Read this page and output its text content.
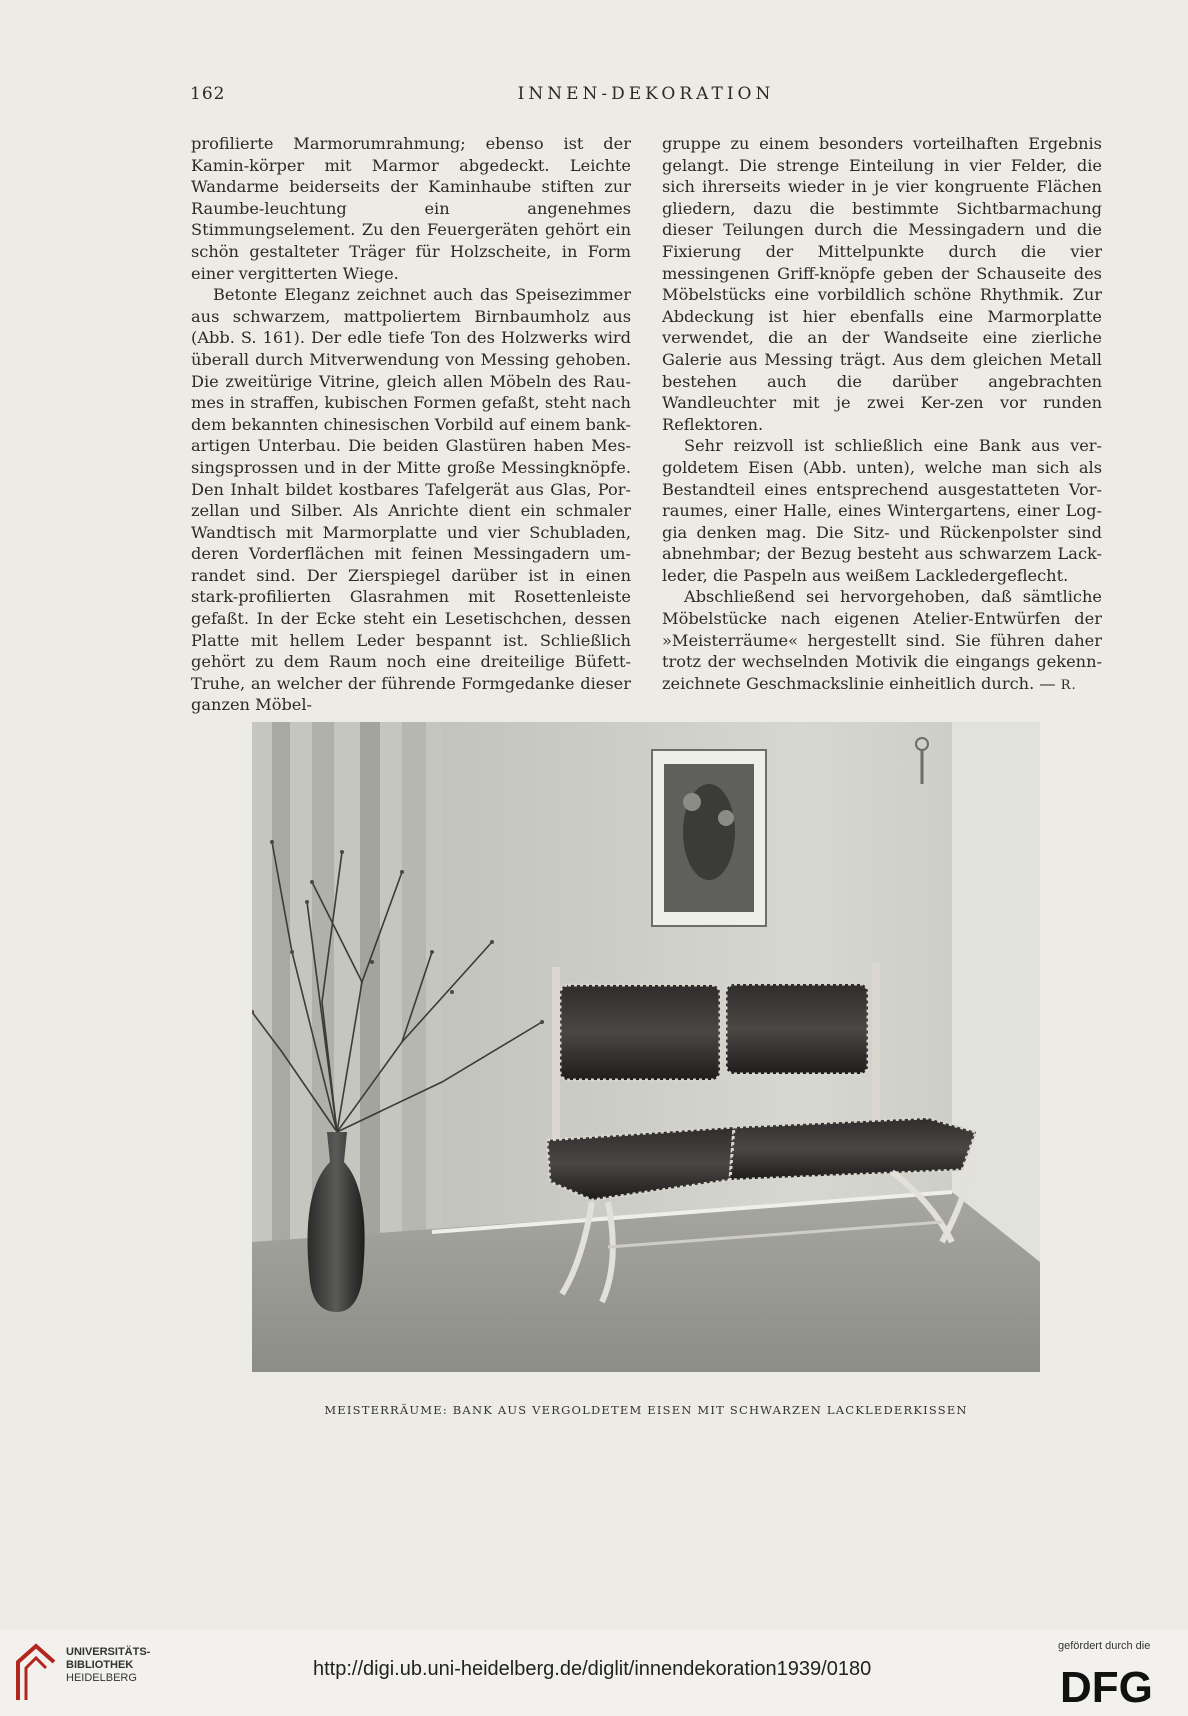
162	INNEN-DEKORATION

profilierte Marmorumrahmung; ebenso ist der Kamin-körper mit Marmor abgedeckt. Leichte Wandarme beiderseits der Kaminhaube stiften zur Raumbe-leuchtung ein angenehmes Stimmungselement. Zu den Feuergeräten gehört ein schön gestalteter Träger für Holzscheite, in Form einer vergitterten Wiege.

Betonte Eleganz zeichnet auch das Speisezimmer aus schwarzem, mattpoliertem Birnbaumholz aus (Abb. S. 161). Der edle tiefe Ton des Holzwerks wird überall durch Mitverwendung von Messing gehoben. Die zweitürige Vitrine, gleich allen Möbeln des Rau-mes in straffen, kubischen Formen gefaßt, steht nach dem bekannten chinesischen Vorbild auf einem bank-artigen Unterbau. Die beiden Glastüren haben Mes-singsprossen und in der Mitte große Messingknöpfe. Den Inhalt bildet kostbares Tafelgerät aus Glas, Por-zellan und Silber. Als Anrichte dient ein schmaler Wandtisch mit Marmorplatte und vier Schubladen, deren Vorderflächen mit feinen Messingadern um-randet sind. Der Zierspiegel darüber ist in einen stark-profilierten Glasrahmen mit Rosettenleiste gefaßt. In der Ecke steht ein Lesetischchen, dessen Platte mit hellem Leder bespannt ist. Schließlich gehört zu dem Raum noch eine dreiteilige Büfett-Truhe, an welcher der führende Formgedanke dieser ganzen Möbel-

gruppe zu einem besonders vorteilhaften Ergebnis gelangt. Die strenge Einteilung in vier Felder, die sich ihrerseits wieder in je vier kongruente Flächen gliedern, dazu die bestimmte Sichtbarmachung dieser Teilungen durch die Messingadern und die Fixierung der Mittelpunkte durch die vier messingenen Griff-knöpfe geben der Schauseite des Möbelstücks eine vorbildlich schöne Rhythmik. Zur Abdeckung ist hier ebenfalls eine Marmorplatte verwendet, die an der Wandseite eine zierliche Galerie aus Messing trägt. Aus dem gleichen Metall bestehen auch die darüber angebrachten Wandleuchter mit je zwei Ker-zen vor runden Reflektoren.

Sehr reizvoll ist schließlich eine Bank aus ver-goldetem Eisen (Abb. unten), welche man sich als Bestandteil eines entsprechend ausgestatteten Vor-raumes, einer Halle, eines Wintergartens, einer Log-gia denken mag. Die Sitz- und Rückenpolster sind abnehmbar; der Bezug besteht aus schwarzem Lack-leder, die Paspeln aus weißem Lackledergeflecht.

Abschließend sei hervorgehoben, daß sämtliche Möbelstücke nach eigenen Atelier-Entwürfen der »Meisterräume« hergestellt sind. Sie führen daher trotz der wechselnden Motivik die eingangs gekenn-zeichnete Geschmackslinie einheitlich durch. — R.

MEISTERRÄUME: BANK AUS VERGOLDETEM EISEN MIT SCHWARZEN LACKLEDERKISSEN
UNIVERSITÄTS-
BIBLIOTHEK
HEIDELBERG	http://digi.ub.uni-heidelberg.de/diglit/innendekoration1939/0180
gefördert durch die
DFG
